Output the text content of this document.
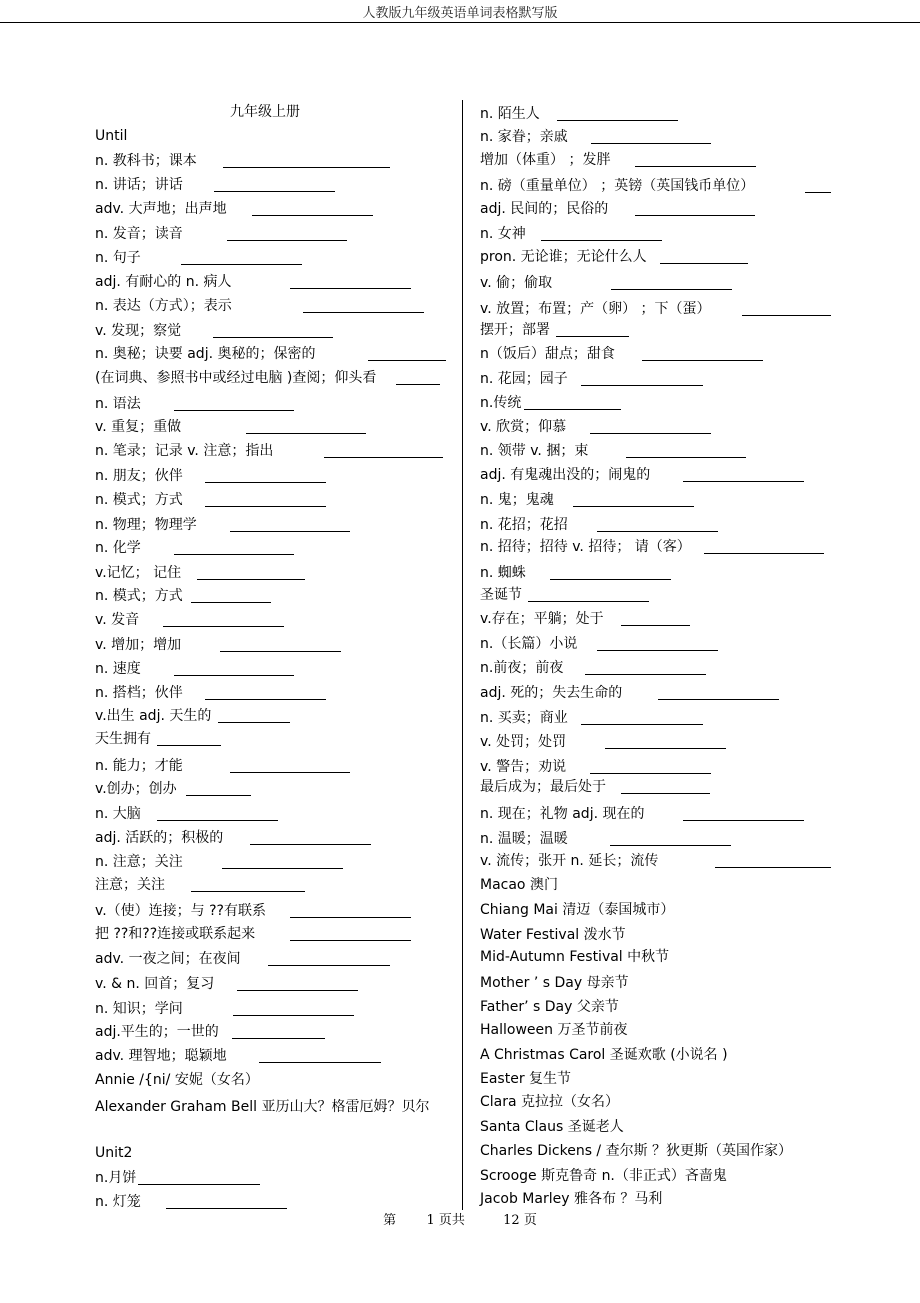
人教版九年级英语单词表格默写版
九年级上册
Until
n. 教科书；课本
n. 讲话；讲话
adv. 大声地；出声地
n. 发音；读音
n. 句子
adj. 有耐心的 n. 病人
n. 表达（方式）；表示
v. 发现；察觉
n. 奥秘；诀要 adj. 奥秘的；保密的
(在词典、参照书中或经过电脑 )查阅；仰头看
n. 语法
v. 重复；重做
n. 笔录；记录 v. 注意；指出
n. 朋友；伙伴
n. 模式；方式
n. 物理；物理学
n. 化学
v.记忆； 记住
n. 模式；方式
v. 发音
v. 增加；增加
n. 速度
n. 搭档；伙伴
v.出生 adj. 天生的
天生拥有
n. 能力；才能
v.创办；创办
n. 大脑
adj. 活跃的；积极的
n. 注意；关注
注意；关注
v.（使）连接；与 ??有联系
把 ??和??连接或联系起来
adv. 一夜之间；在夜间
v. & n. 回首；复习
n. 知识；学问
adj.平生的；一世的
adv. 理智地；聪颖地
Annie /{ni/ 安妮（女名）
Alexander Graham Bell 亚历山大？格雷厄姆？贝尔
Unit2
n.月饼
n. 灯笼
n. 陌生人
n. 家眷；亲戚
增加（体重） ；发胖
n. 磅（重量单位） ；英镑（英国钱币单位）
adj. 民间的；民俗的
n. 女神
pron. 无论谁；无论什么人
v. 偷；偷取
v. 放置；布置；产（卵） ；下（蛋）
摆开；部署
n（饭后）甜点；甜食
n. 花园；园子
n.传统
v. 欣赏；仰慕
n. 领带 v. 捆；束
adj. 有鬼魂出没的；闹鬼的
n. 鬼；鬼魂
n. 花招；花招
n. 招待；招待 v. 招待； 请（客）
n. 蜘蛛
圣诞节
v.存在；平躺；处于
n.（长篇）小说
n.前夜；前夜
adj. 死的；失去生命的
n. 买卖；商业
v. 处罚；处罚
v. 警告；劝说
最后成为；最后处于
n. 现在；礼物 adj. 现在的
n. 温暖；温暖
v. 流传；张开 n. 延长；流传
Macao 澳门
Chiang Mai 清迈（泰国城市）
Water Festival 泼水节
Mid-Autumn Festival 中秋节
Mother ’ s Day 母亲节
Father’ s Day 父亲节
Halloween 万圣节前夜
A Christmas Carol 圣诞欢歌 (小说名 )
Easter 复生节
Clara 克拉拉（女名）
Santa Claus 圣诞老人
Charles Dickens / 查尔斯 ？狄更斯（英国作家）
Scrooge 斯克鲁奇 n.（非正式）吝啬鬼
Jacob Marley 雅各布 ？马利
第 1 页共	12 页
